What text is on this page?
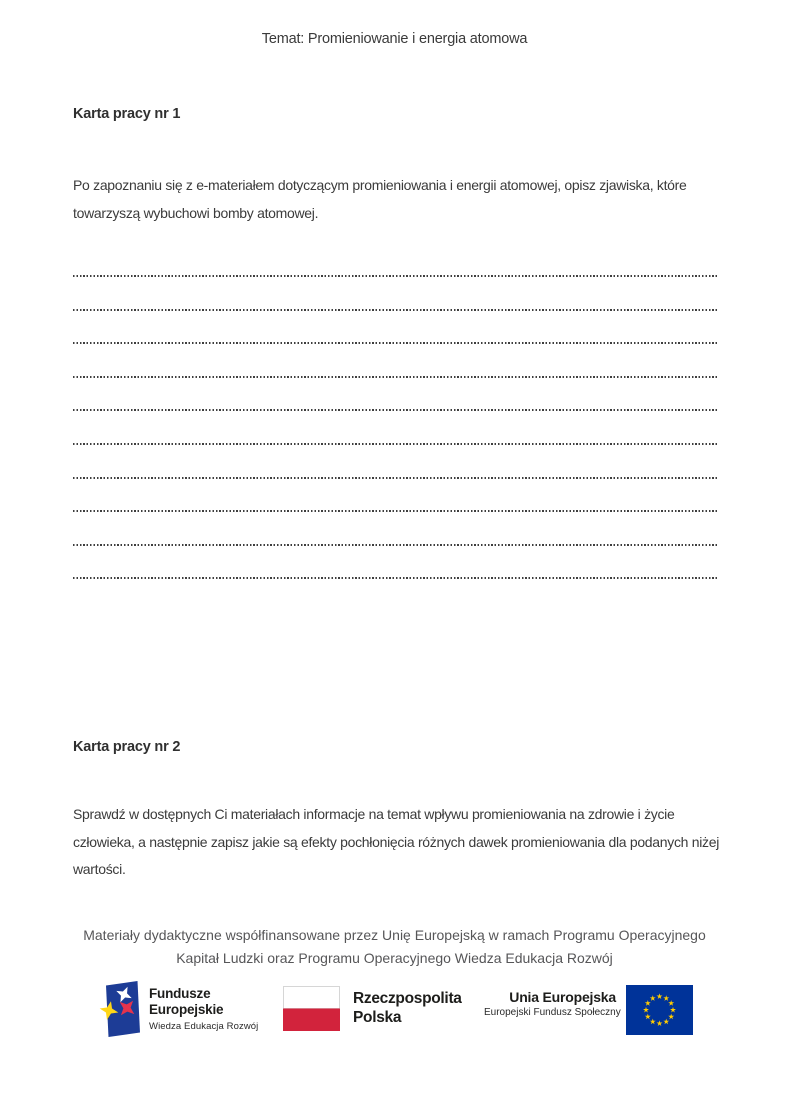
Temat: Promieniowanie i energia atomowa
Karta pracy nr 1

Po zapoznaniu się z e-materiałem dotyczącym promieniowania i energii atomowej, opisz zjawiska, które towarzyszą wybuchowi bomby atomowej.

Karta pracy nr 2

Sprawdź w dostępnych Ci materiałach informacje na temat wpływu promieniowania na zdrowie i życie człowieka, a następnie zapisz jakie są efekty pochłonięcia różnych dawek promieniowania dla podanych niżej wartości.

Materiały dydaktyczne współfinansowane przez Unię Europejską w ramach Programu Operacyjnego Kapitał Ludzki oraz Programu Operacyjnego Wiedza Edukacja Rozwój

Fundusze
Europejskie
Wiedza Edukacja Rozwój
Rzeczpospolita
Polska
Unia Europejska
Europejski Fundusz Społeczny
